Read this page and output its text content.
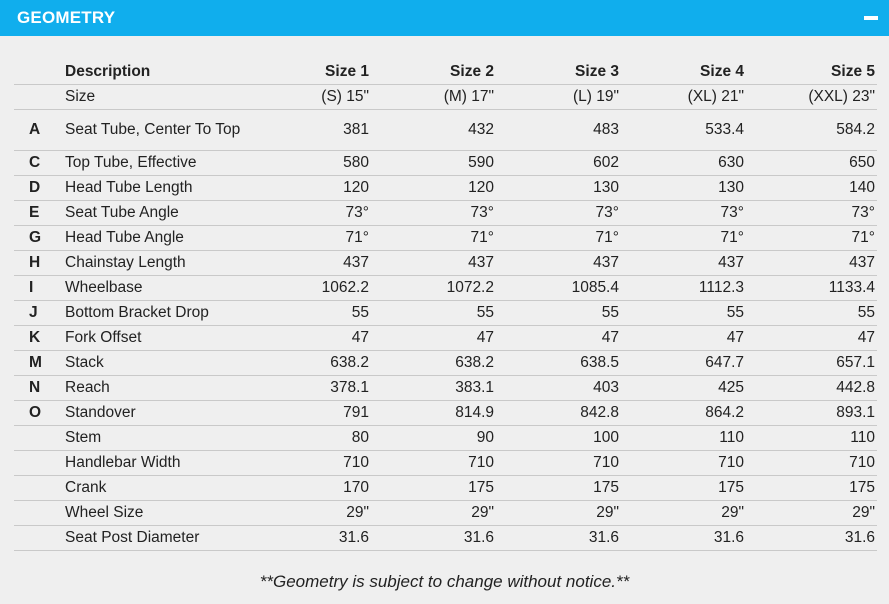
GEOMETRY
	Description	Size 1	Size 2	Size 3	Size 4	Size 5
	Size	(S) 15"	(M) 17"	(L) 19"	(XL) 21"	(XXL) 23"
A	Seat Tube, Center To Top	381	432	483	533.4	584.2
C	Top Tube, Effective	580	590	602	630	650
D	Head Tube Length	120	120	130	130	140
E	Seat Tube Angle	73°	73°	73°	73°	73°
G	Head Tube Angle	71°	71°	71°	71°	71°
H	Chainstay Length	437	437	437	437	437
I	Wheelbase	1062.2	1072.2	1085.4	1112.3	1133.4
J	Bottom Bracket Drop	55	55	55	55	55
K	Fork Offset	47	47	47	47	47
M	Stack	638.2	638.2	638.5	647.7	657.1
N	Reach	378.1	383.1	403	425	442.8
O	Standover	791	814.9	842.8	864.2	893.1
	Stem	80	90	100	110	110
	Handlebar Width	710	710	710	710	710
	Crank	170	175	175	175	175
	Wheel Size	29"	29"	29"	29"	29"
	Seat Post Diameter	31.6	31.6	31.6	31.6	31.6
**Geometry is subject to change without notice.**
